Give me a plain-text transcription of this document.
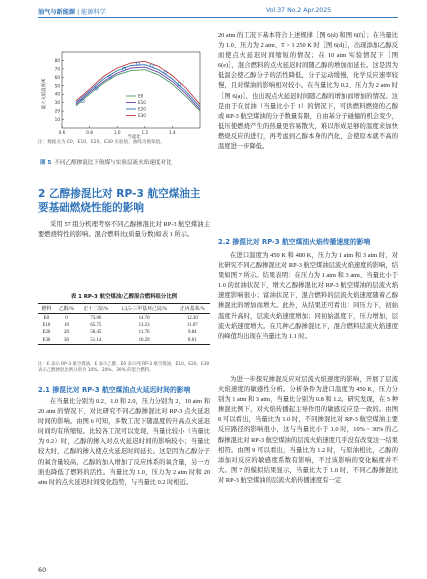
油气与新能源 | 能源科学	Vol.37 No.2 Apr.2025
0.6	0.8	1.0	1.2	1.4
10
20
30
40
50
60
70
80
E0
E10
E20
E30
最大火焰温度/K
当量比
注：数据点为 E0，E10，E20，E30 实验值；曲线为模拟值。
图 5 不同乙醇掺混比下航煤与实验层流火焰速度对比
2 乙醇掺混比对 RP-3 航空煤油主要基础燃烧性能的影响

采用 57 组分机理考察不同乙醇掺混比对 RP-3 航空煤油主要燃烧特性的影响。混合燃料比(质量分数)如表 1 所示。

表 1 RP-3 航空煤油/乙醇混合燃料组分比例
燃料	乙醇/%	正十二烷/%	1,3,5-三甲基环己烷/%	正丙基苯/%
E0	0	73.06	14.70	12.30
E10	10	65.75	13.23	11.07
E20	20	58.45	11.76	9.84
E30	30	51.14	10.29	8.61
注：E 表示 RP-3 航空煤油，E 表示乙醇，E0 表示纯 RP-3 航空煤油，E10、E20、E30 表示乙醇掺混比例分别为 10%、20%、30% 的混合燃料。
2.1 掺混比对 RP-3 航空煤油点火延迟时间的影响

在当量比分别为 0.2、1.0 和 2.0，压力分别为 2、10 atm 和 20 atm 的情况下，对比研究不同乙醇掺混比对 RP-3 点火延迟时间的影响。由图 6 可知，多数工况下随温度的升高点火延迟时间均有所缩短。比较各工况可以发现，当量比较小（当量比为 0.2）时，乙醇的掺入对点火延迟时间的影响较小；当量比较大时，乙醇的掺入使点火延迟时间延长。这是因为乙醇分子的氧含量较高，乙醇的加入增加了反应体系的氧含量，另一方面也降低了燃料的活性。当量比为 1.0，压力为 2 atm 时和 20 atm 时的点火延迟时间变化趋势，与当量比 0.2 时相近。

20 atm 的工况下基本符合上述规律［图 6(d) 和图 6(f)］；在当量比为 1.0、压力为 2 atm、T > 1 250 K 时［图 6(d)］，出现添加乙醇反而使点火延迟时间缩短的情况；在 10 atm 实验情况下［图 6(e)］，混合燃料的点火延迟时间随乙醇的增加而延长。这是因为低温会使乙醇分子的活性降低，分子运动缓慢，化学反应速率较慢，且对煤油的影响相对较小。在当量比为 0.2、压力为 2 atm 时［图 6(a)］，也出现点火延迟时间随乙醇的增加而增加的情况。这是由于在贫油（当量比小于 1）的情况下，可供燃料燃烧的乙醇或 RP-3 航空煤油的分子数量有限，自由基分子碰撞的机会变少，低压使燃烧产生的热量更容易散失，难以形成足够的温度来加快燃烧反应的进行，再考虑到乙醇本身的汽化，会使原本就不高的温度进一步降低。

2.2 掺混比对 RP-3 航空煤油火焰传播速度的影响

在进口温度为 450 K 和 480 K，压力为 1 atm 和 3 atm 时，对比研究不同乙醇掺混比对 RP-3 航空煤油层流火焰速度的影响，结果如图 7 所示。结果表明：在压力为 1 atm 和 3 atm、当量比小于 1.0 的贫油状况下，增大乙醇掺混比对 RP-3 航空煤油的层流火焰速度影响很小；富油状况下，混合燃料的层流火焰速度随着乙醇掺混比的增加而增大。此外，从结果还可看出：同压力下，初始温度升高时，层流火焰速度增加；同初始温度下，压力增加，层流火焰速度增大。在几种乙醇掺混比下，混合燃料层流火焰速度的峰值均出现在当量比为 1.1 时。

为进一步探究掺混反应对层流火焰速度的影响，开展了层流火焰速度的敏感性分析。分析条件为进口温度为 450 K，压力分别为 1 atm 和 3 atm，当量比分别为 0.8 和 1.2。研究发现，在 5 种掺混比例下，对火焰传播起主导作用的敏感反应是一致的。由图 8 可以看出，当量比为 1.0 时，不同掺混比对 RP-3 航空煤油主要反应路径的影响很小，这与当量比小于 1.0 时，10% ~ 30% 的乙醇掺混比对 RP-3 航空煤油的层流火焰速度几乎没有改变这一结果相符。由图 9 可以看出，当量比为 1.2 时，与原油相比，乙醇的添加对反应的敏感度系数有影响，不过该影响的变化幅度并不大。图 7 的模拟结果显示，当量比大于 1.0 时，不同乙醇掺混比对 RP-3 航空煤油的层流火焰传播速度有一定

60
